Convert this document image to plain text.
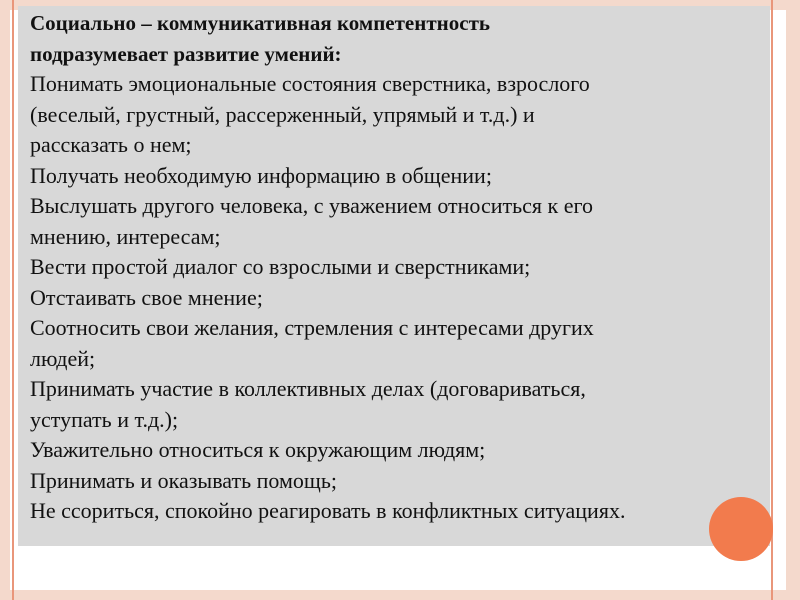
Социально – коммуникативная компетентность
подразумевает развитие умений:
Понимать эмоциональные состояния сверстника, взрослого
(веселый, грустный, рассерженный, упрямый и т.д.) и
рассказать о нем;
Получать необходимую информацию в общении;
Выслушать другого человека, с уважением относиться к его
мнению, интересам;
Вести простой диалог со взрослыми и сверстниками;
Отстаивать свое мнение;
Соотносить свои желания, стремления с интересами других
людей;
Принимать участие в коллективных делах (договариваться,
уступать и т.д.);
Уважительно относиться к окружающим людям;
Принимать и оказывать помощь;
Не ссориться, спокойно реагировать в конфликтных ситуациях.
